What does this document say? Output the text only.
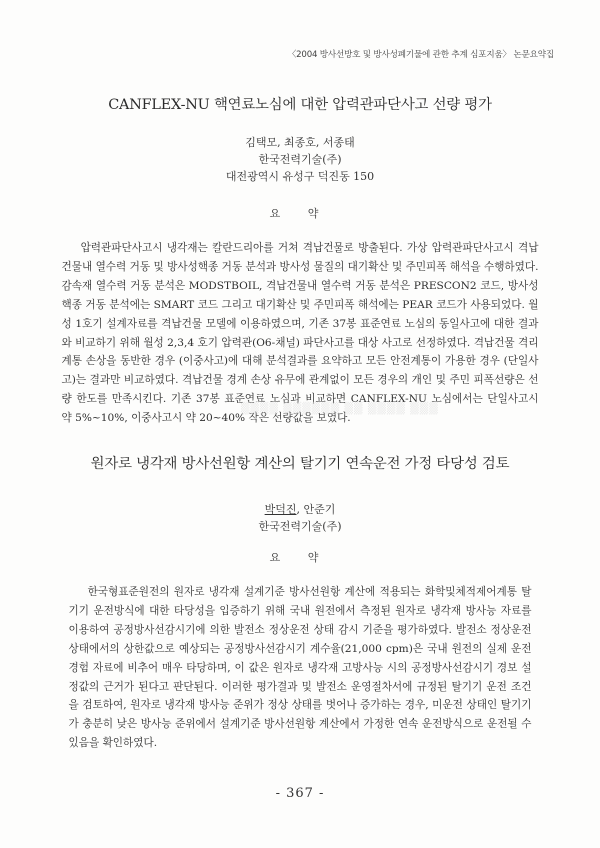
〈2004 방사선방호 및 방사성폐기물에 관한 추계 심포지움〉 논문요약집
CANFLEX-NU 핵연료노심에 대한 압력관파단사고 선량 평가

김택모, 최종호, 서종태

한국전력기술(주)

대전광역시 유성구 덕진동 150

요 약

압력관파단사고시 냉각재는 칼란드리아를 거쳐 격납건물로 방출된다. 가상 압력관파단사고시 격납건물내 열수력 거동 및 방사성핵종 거동 분석과 방사성 물질의 대기확산 및 주민피폭 해석을 수행하였다. 감속재 열수력 거동 분석은 MODSTBOIL, 격납건물내 열수력 거동 분석은 PRESCON2 코드, 방사성핵종 거동 분석에는 SMART 코드 그리고 대기확산 및 주민피폭 해석에는 PEAR 코드가 사용되었다. 월성 1호기 설계자료를 격납건물 모델에 이용하였으며, 기존 37봉 표준연료 노심의 동일사고에 대한 결과와 비교하기 위해 월성 2,3,4 호기 압력관(O6-채널) 파단사고를 대상 사고로 선정하였다. 격납건물 격리계통 손상을 동반한 경우 (이중사고)에 대해 분석결과를 요약하고 모든 안전계통이 가용한 경우 (단일사고)는 결과만 비교하였다. 격납건물 경계 손상 유무에 관계없이 모든 경우의 개인 및 주민 피폭선량은 선량 한도를 만족시킨다. 기존 37봉 표준연료 노심과 비교하면 CANFLEX-NU 노심에서는 단일사고시 약 5%~10%, 이중사고시 약 20~40% 작은 선량값을 보였다.

▒▒▒ ▒▒▒▒ ▒▒ ▒▒▒▒▒▒ ▒▒▒▒
원자로 냉각재 방사선원항 계산의 탈기기 연속운전 가정 타당성 검토

박덕진, 안준기

한국전력기술(주)

요 약

한국형표준원전의 원자로 냉각재 설계기준 방사선원항 계산에 적용되는 화학및체적제어계통 탈기기 운전방식에 대한 타당성을 입증하기 위해 국내 원전에서 측정된 원자로 냉각재 방사능 자료를 이용하여 공정방사선감시기에 의한 발전소 정상운전 상태 감시 기준을 평가하였다. 발전소 정상운전 상태에서의 상한값으로 예상되는 공정방사선감시기 계수율(21,000 cpm)은 국내 원전의 실제 운전 경험 자료에 비추어 매우 타당하며, 이 값은 원자로 냉각재 고방사능 시의 공정방사선감시기 경보 설정값의 근거가 된다고 판단된다. 이러한 평가결과 및 발전소 운영절차서에 규정된 탈기기 운전 조건을 검토하여, 원자로 냉각재 방사능 준위가 정상 상태를 벗어나 증가하는 경우, 미운전 상태인 탈기기가 충분히 낮은 방사능 준위에서 설계기준 방사선원항 계산에서 가정한 연속 운전방식으로 운전될 수 있음을 확인하였다.

- 367 -
